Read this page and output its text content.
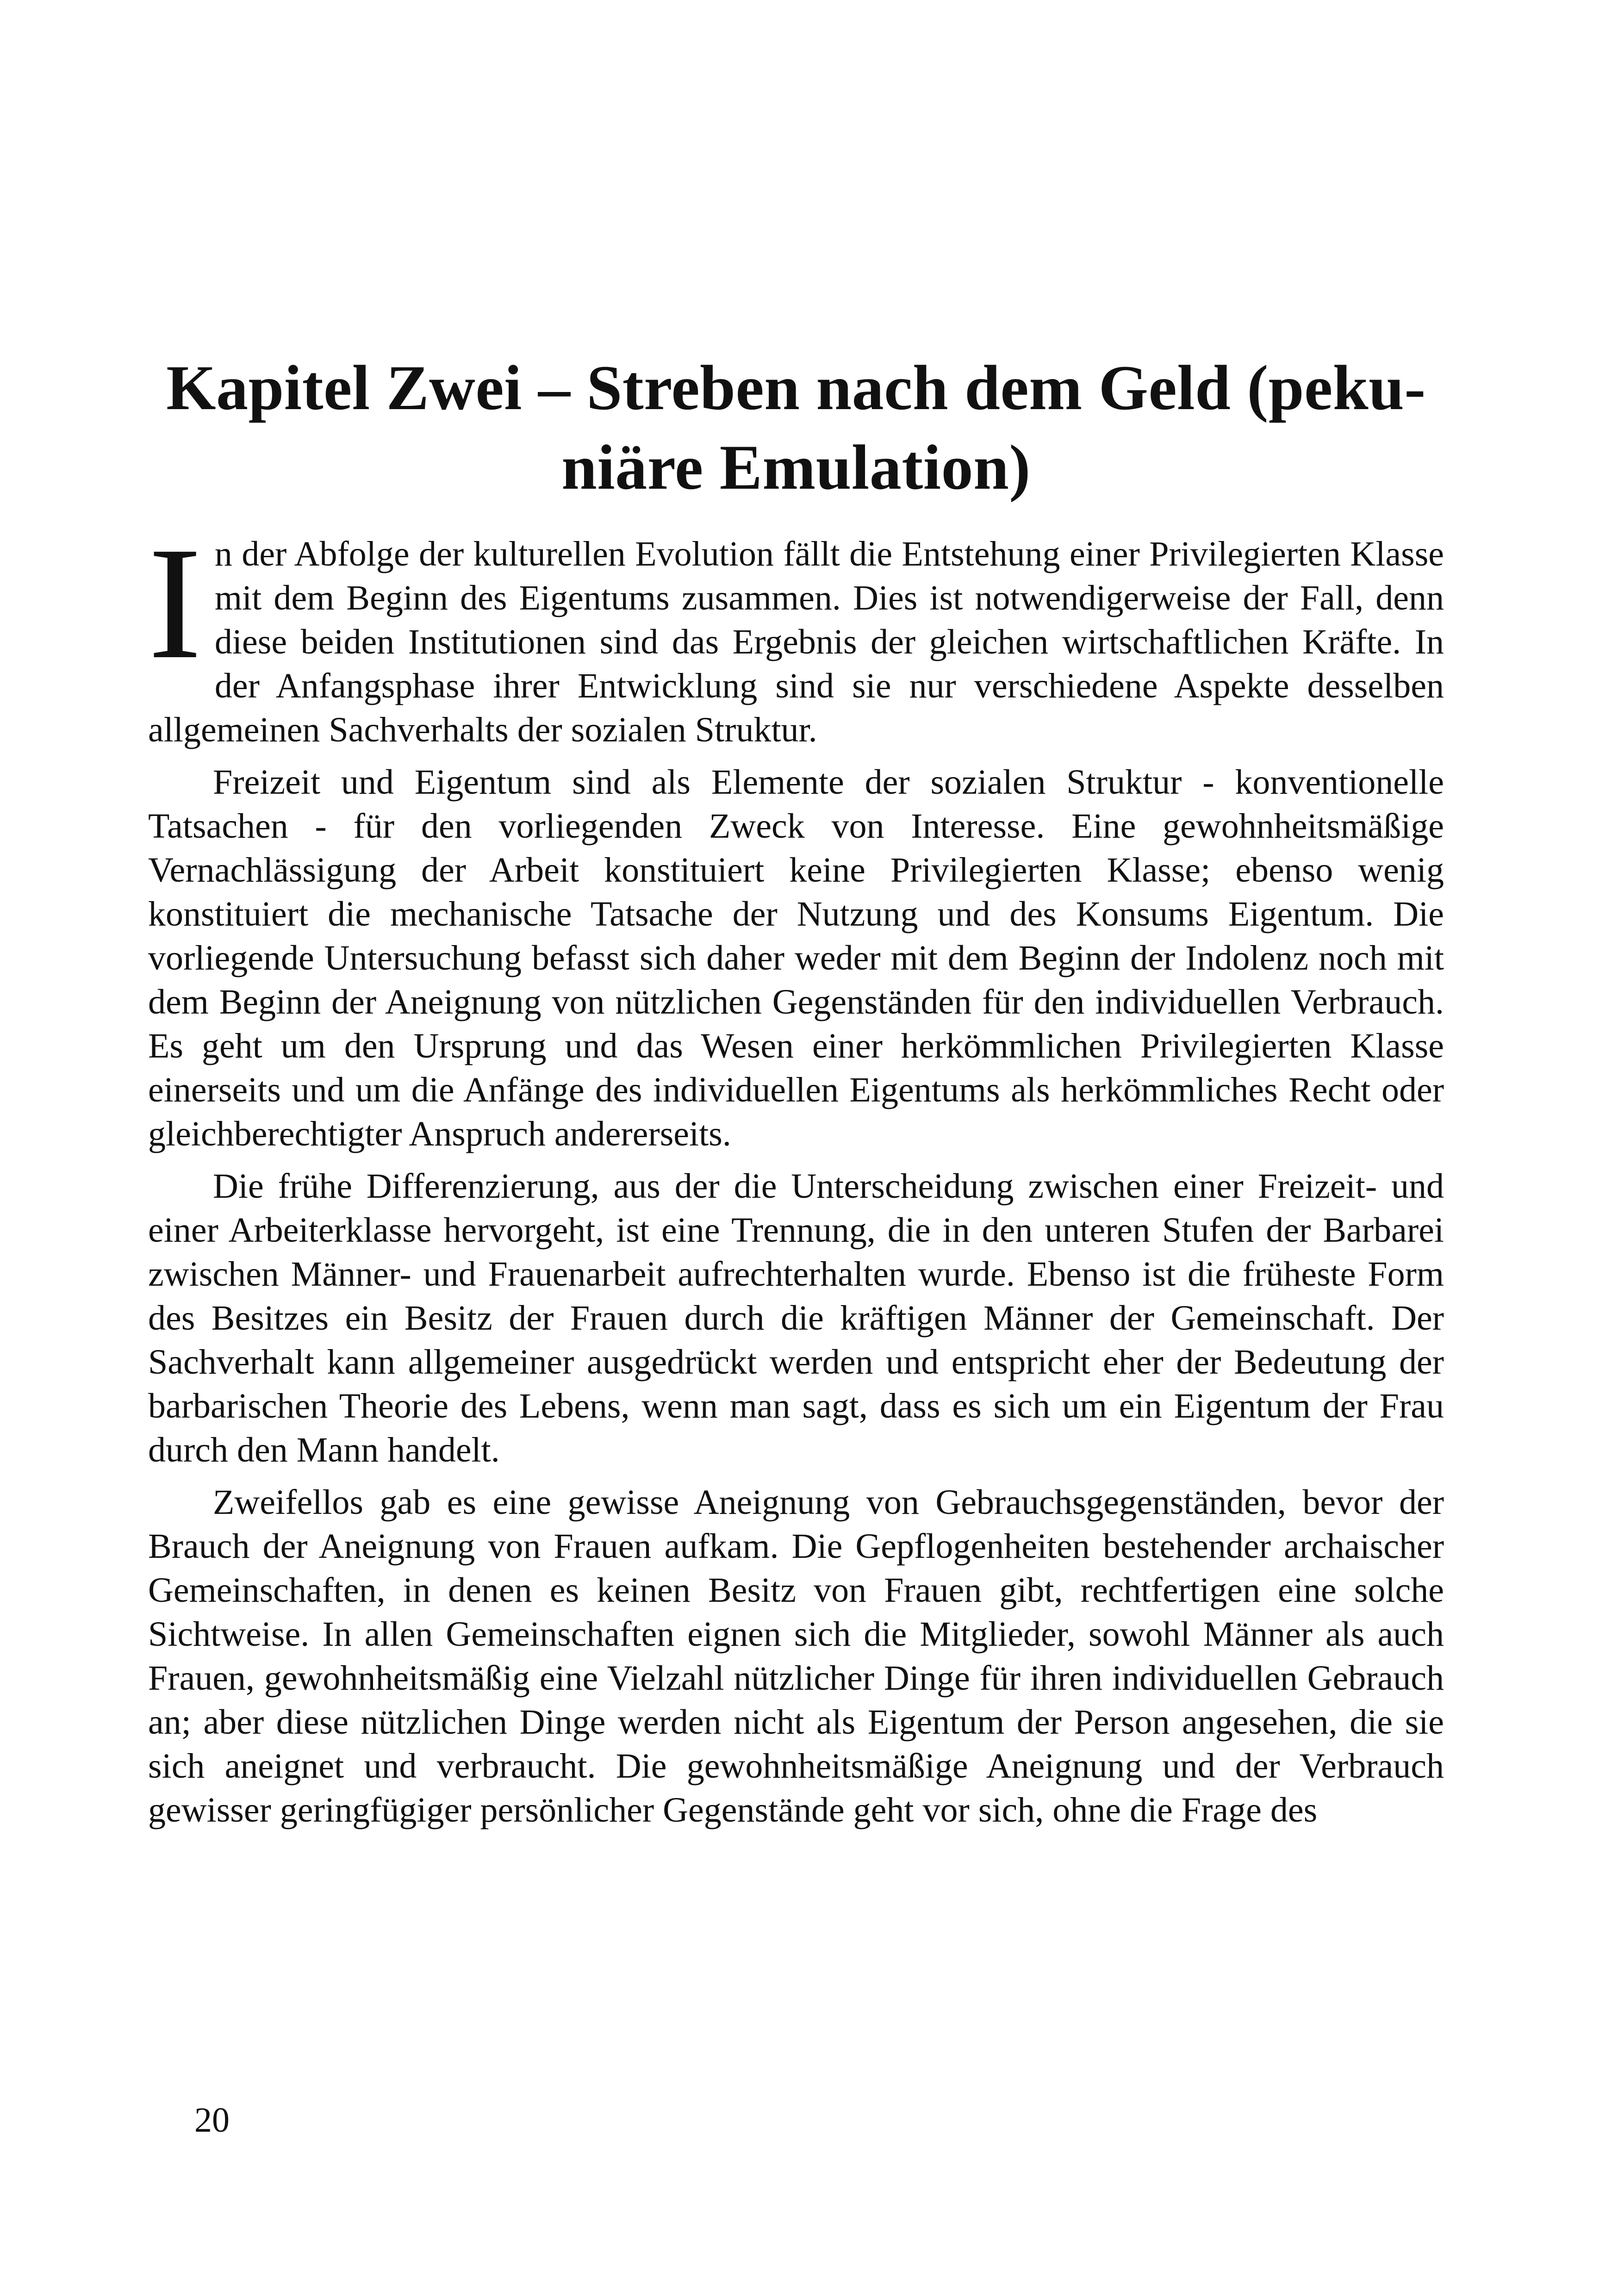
Kapitel Zwei – Streben nach dem Geld (peku-
niäre Emulation)

I n der Abfolge der kulturellen Evolution fällt die Entstehung einer Privilegierten Klasse mit dem Beginn des Eigentums zusammen. Dies ist notwendigerweise der Fall, denn diese beiden Institutionen sind das Ergebnis der gleichen wirtschaftlichen Kräfte. In der Anfangsphase ihrer Entwicklung sind sie nur verschiedene Aspekte desselben allgemeinen Sachverhalts der sozialen Struktur.

Freizeit und Eigentum sind als Elemente der sozialen Struktur - konventionelle Tatsachen - für den vorliegenden Zweck von Interesse. Eine gewohnheitsmäßige Vernachlässigung der Arbeit konstituiert keine Privilegierten Klasse; ebenso wenig konstituiert die mechanische Tatsache der Nutzung und des Konsums Eigentum. Die vorliegende Untersuchung befasst sich daher weder mit dem Beginn der Indolenz noch mit dem Beginn der Aneignung von nützlichen Gegenständen für den individuellen Verbrauch. Es geht um den Ursprung und das Wesen einer herkömmlichen Privilegierten Klasse einerseits und um die Anfänge des individuellen Eigentums als herkömmliches Recht oder gleichberechtigter Anspruch andererseits.

Die frühe Differenzierung, aus der die Unterscheidung zwischen einer Freizeit- und einer Arbeiterklasse hervorgeht, ist eine Trennung, die in den unteren Stufen der Barbarei zwischen Männer- und Frauenarbeit aufrechterhalten wurde. Ebenso ist die früheste Form des Besitzes ein Besitz der Frauen durch die kräftigen Männer der Gemeinschaft. Der Sachverhalt kann allgemeiner ausgedrückt werden und entspricht eher der Bedeutung der barbarischen Theorie des Lebens, wenn man sagt, dass es sich um ein Eigentum der Frau durch den Mann handelt.

Zweifellos gab es eine gewisse Aneignung von Gebrauchsgegenständen, bevor der Brauch der Aneignung von Frauen aufkam. Die Gepflogenheiten bestehender archaischer Gemeinschaften, in denen es keinen Besitz von Frauen gibt, rechtfertigen eine solche Sichtweise. In allen Gemeinschaften eignen sich die Mitglieder, sowohl Männer als auch Frauen, gewohnheitsmäßig eine Vielzahl nützlicher Dinge für ihren individuellen Gebrauch an; aber diese nützlichen Dinge werden nicht als Eigentum der Person angesehen, die sie sich aneignet und verbraucht. Die gewohnheitsmäßige Aneignung und der Verbrauch gewisser geringfügiger persönlicher Gegenstände geht vor sich, ohne die Frage des

20
